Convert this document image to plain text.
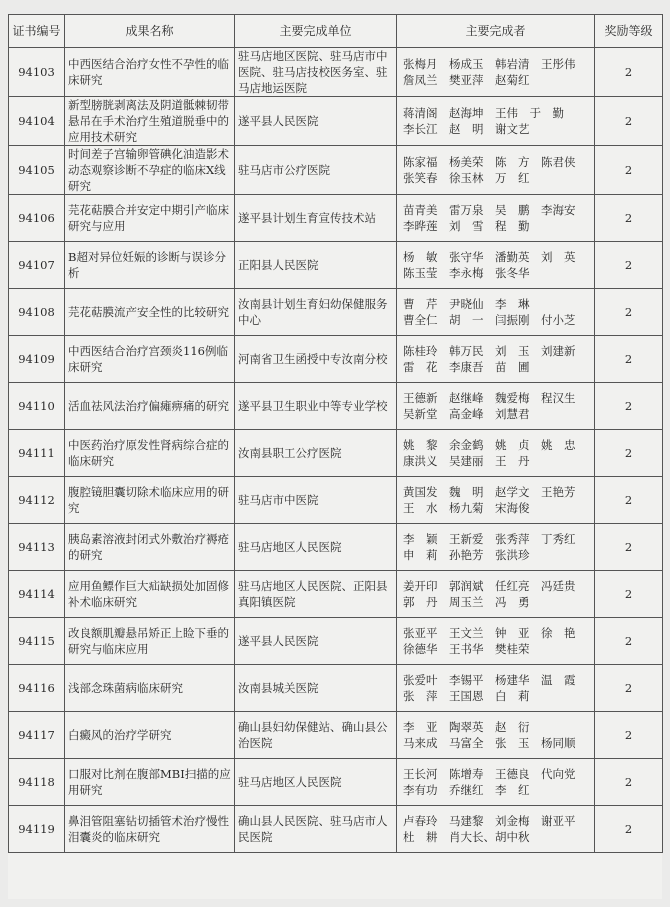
证书编号	成果名称	主要完成单位	主要完成者	奖励等级
94103	中西医结合治疗女性不孕性的临床研究	驻马店地区医院、驻马店市中医院、驻马店技校医务室、驻马店地运医院	张梅月　杨成玉　韩岩清　王彤伟
詹凤兰　樊亚萍　赵菊红	2
94104	新型膀胱剥离法及阴道骶棘韧带悬吊在手术治疗生殖道脱垂中的应用技术研究	遂平县人民医院	蒋清阁　赵海坤　王伟　于　勤
李长江　赵　明　谢文艺	2
94105	时间差子宫输卵管碘化油造影术动态观察诊断不孕症的临床X线研究	驻马店市公疗医院	陈家福　杨美荣　陈　方　陈君侠
张笑春　徐玉林　万　红	2
94106	芫花萜膜合并安定中期引产临床研究与应用	遂平县计划生育宣传技术站	苗青美　雷万泉　吴　鹏　李海安
李晔莲　刘　雪　程　勤	2
94107	B超对异位妊娠的诊断与误诊分析	正阳县人民医院	杨　敏　张守华　潘勤英　刘　英
陈玉莹　李永梅　张冬华	2
94108	芫花萜膜流产安全性的比较研究	汝南县计划生育妇幼保健服务中心	曹　芹　尹晓仙　李　琳
曹全仁　胡　一　闫振刚　付小芝	2
94109	中西医结合治疗宫颈炎116例临床研究	河南省卫生函授中专汝南分校	陈桂玲　韩万民　刘　玉　刘建新
雷　花　李康吾　苗　圃	2
94110	活血祛风法治疗偏瘫痹痛的研究	遂平县卫生职业中等专业学校	王德新　赵继峰　魏爱梅　程汉生
吴新堂　高金峰　刘慧君	2
94111	中医药治疗原发性肾病综合症的临床研究	汝南县职工公疗医院	姚　黎　余金鹤　姚　贞　姚　忠
康洪义　吴建丽　王　丹	2
94112	腹腔镜胆囊切除术临床应用的研究	驻马店市中医院	黄国发　魏　明　赵学文　王艳芳
王　水　杨九菊　宋海俊	2
94113	胰岛素溶液封闭式外敷治疗褥疮的研究	驻马店地区人民医院	李　颖　王新爱　张秀萍　丁秀红
申　莉　孙艳芳　张洪珍	2
94114	应用鱼鳔作巨大疝缺损处加固修补术临床研究	驻马店地区人民医院、正阳县真阳镇医院	姜开印　郭润斌　任红亮　冯廷贵
郭　丹　周玉兰　冯　勇	2
94115	改良额肌瓣悬吊矫正上睑下垂的研究与临床应用	遂平县人民医院	张亚平　王文兰　钟　亚　徐　艳
徐德华　王书华　樊桂荣	2
94116	浅部念珠菌病临床研究	汝南县城关医院	张爱叶　李锡平　杨建华　温　霞
张　萍　王国恩　白　莉	2
94117	白癜风的治疗学研究	确山县妇幼保健站、确山县公治医院	李　亚　陶翠英　赵　衍
马来成　马富全　张　玉　杨同顺	2
94118	口服对比剂在腹部MBI扫描的应用研究	驻马店地区人民医院	王长河　陈增寿　王德良　代向党
李有功　乔继红　李　红	2
94119	鼻泪管阻塞钻切插管术治疗慢性泪囊炎的临床研究	确山县人民医院、驻马店市人民医院	卢春玲　马建黎　刘金梅　谢亚平
杜　耕　肖大长、胡中秋	2
